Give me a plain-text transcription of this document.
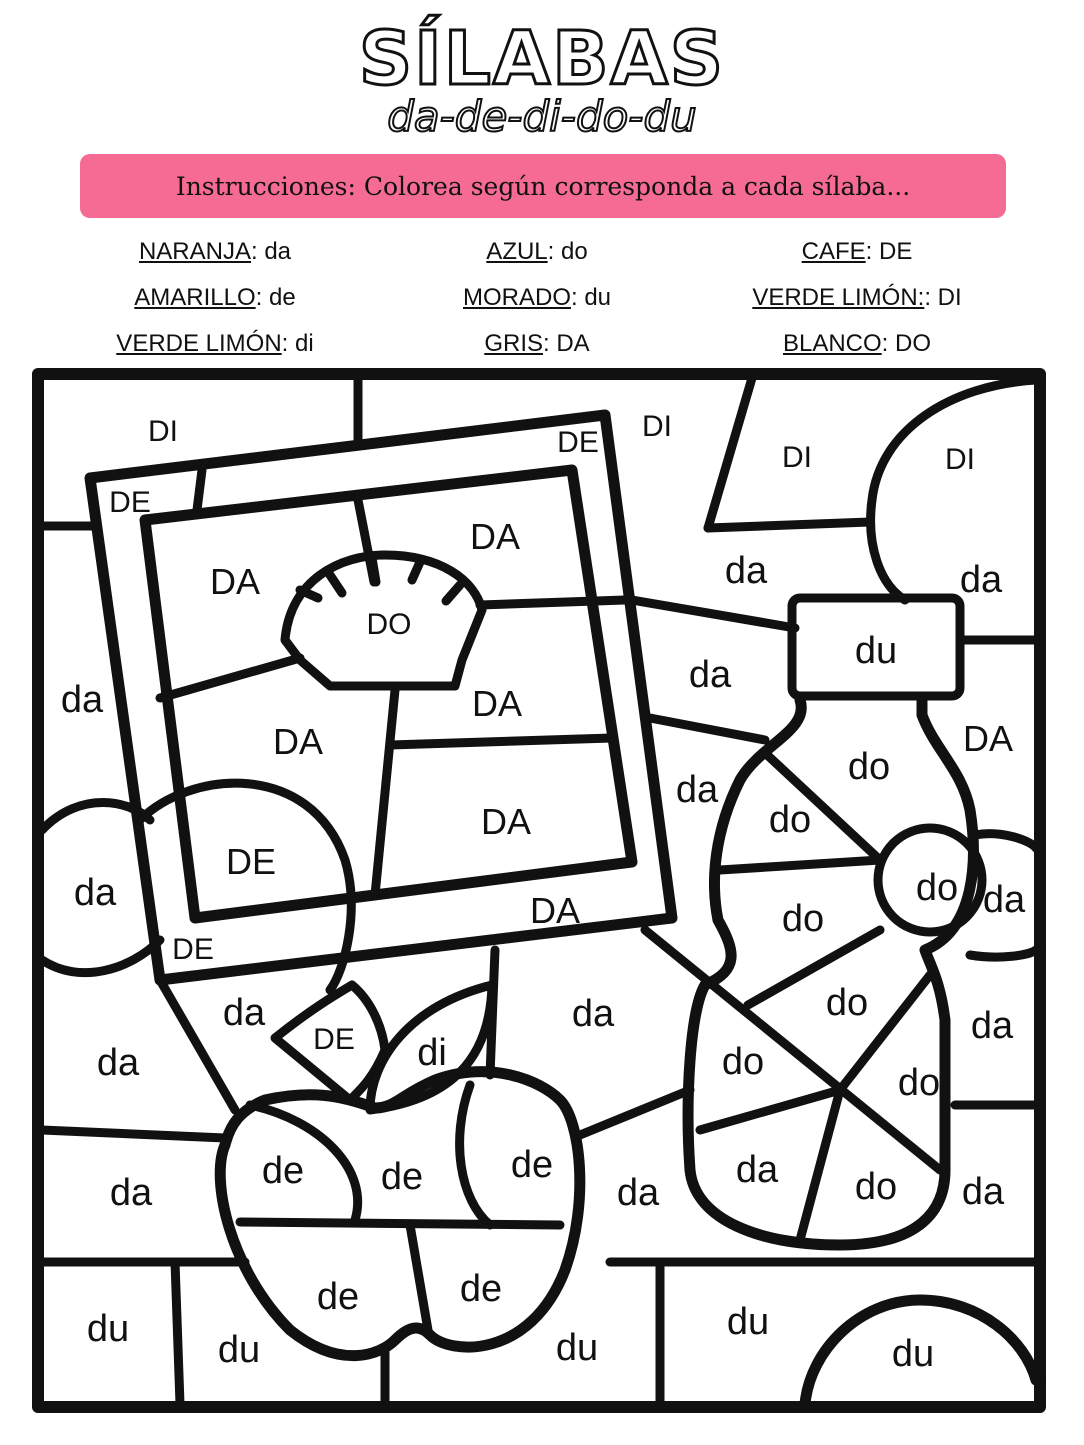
SÍLABAS
da-de-di-do-du
Instrucciones: Colorea según corresponda a cada sílaba...
NARANJA: da	AZUL: do	CAFE: DE
AMARILLO: de	MORADO: du	VERDE LIMÓN:: DI
VERDE LIMÓN: di	GRIS: DA	BLANCO: DO
DI	DE DI
DI	DI
DE
DA
DA
DO
da	da
da
du
DA
DA
da
DA
DA
do
da
da
do
da
DE
DA
do
do
da
DE
da
DE
da	di
do
da
da
do
da
de de de
do
da
da do
de	de
du du	du
du
du
